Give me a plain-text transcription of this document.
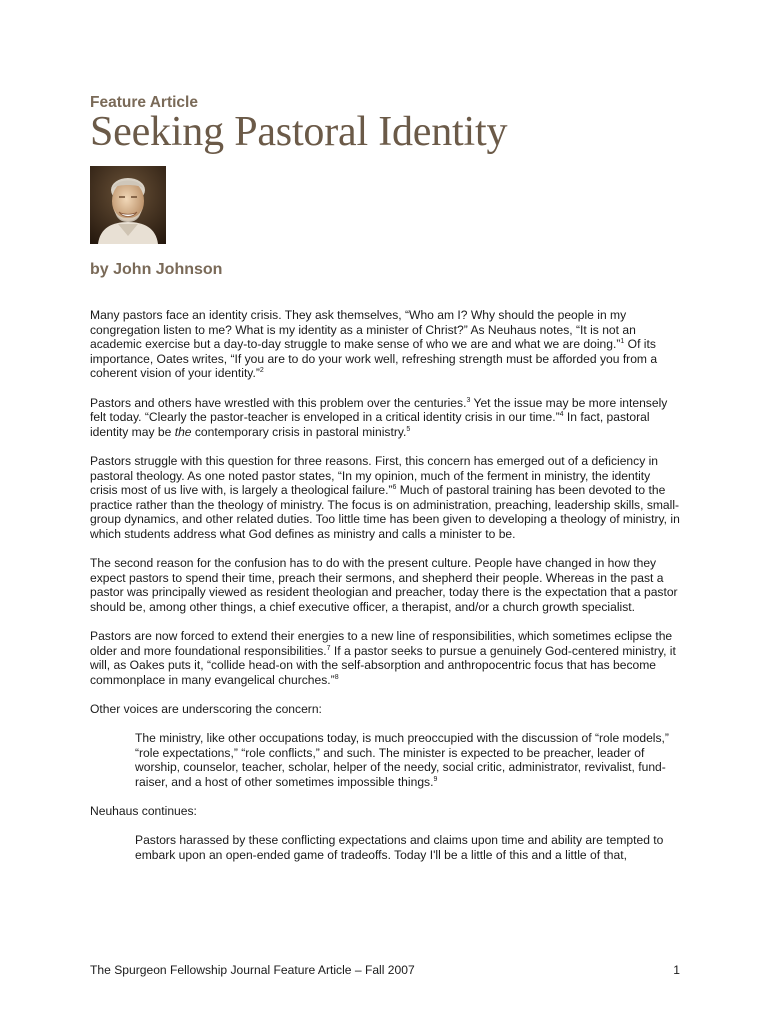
Feature Article
Seeking Pastoral Identity
by John Johnson

Many pastors face an identity crisis. They ask themselves, “Who am I? Why should the people in my congregation listen to me? What is my identity as a minister of Christ?” As Neuhaus notes, “It is not an academic exercise but a day-to-day struggle to make sense of who we are and what we are doing.”$^1$ Of its importance, Oates writes, “If you are to do your work well, refreshing strength must be afforded you from a coherent vision of your identity.”$^2$

Pastors and others have wrestled with this problem over the centuries.$^3$ Yet the issue may be more intensely felt today. “Clearly the pastor-teacher is enveloped in a critical identity crisis in our time.”$^4$ In fact, pastoral identity may be the contemporary crisis in pastoral ministry.$^5$

Pastors struggle with this question for three reasons. First, this concern has emerged out of a deficiency in pastoral theology. As one noted pastor states, “In my opinion, much of the ferment in ministry, the identity crisis most of us live with, is largely a theological failure.”$^6$ Much of pastoral training has been devoted to the practice rather than the theology of ministry. The focus is on administration, preaching, leadership skills, small-group dynamics, and other related duties. Too little time has been given to developing a theology of ministry, in which students address what God defines as ministry and calls a minister to be.

The second reason for the confusion has to do with the present culture. People have changed in how they expect pastors to spend their time, preach their sermons, and shepherd their people. Whereas in the past a pastor was principally viewed as resident theologian and preacher, today there is the expectation that a pastor should be, among other things, a chief executive officer, a therapist, and/or a church growth specialist.

Pastors are now forced to extend their energies to a new line of responsibilities, which sometimes eclipse the older and more foundational responsibilities.$^7$ If a pastor seeks to pursue a genuinely God-centered ministry, it will, as Oakes puts it, “collide head-on with the self-absorption and anthropocentric focus that has become commonplace in many evangelical churches.”$^8$

Other voices are underscoring the concern:

The ministry, like other occupations today, is much preoccupied with the discussion of “role models,” “role expectations,” “role conflicts,” and such. The minister is expected to be preacher, leader of worship, counselor, teacher, scholar, helper of the needy, social critic, administrator, revivalist, fund-raiser, and a host of other sometimes impossible things.$^9$

Neuhaus continues:

Pastors harassed by these conflicting expectations and claims upon time and ability are tempted to embark upon an open-ended game of tradeoffs. Today I'll be a little of this and a little of that,

The Spurgeon Fellowship Journal Feature Article – Fall 2007	1
